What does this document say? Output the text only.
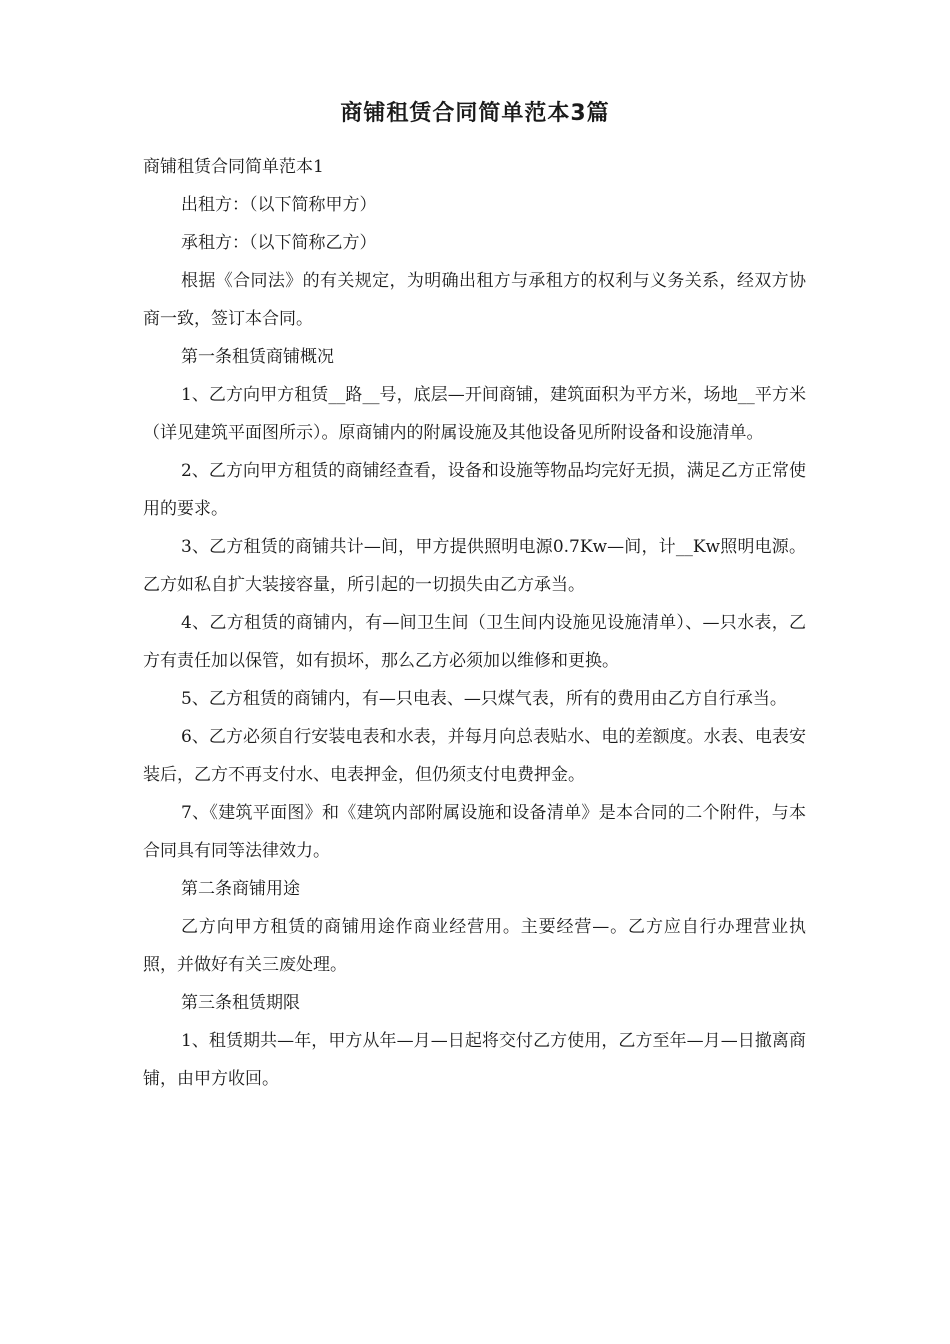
商铺租赁合同简单范本3篇

商铺租赁合同简单范本1

出租方：（以下简称甲方）

承租方：（以下简称乙方）

根据《合同法》的有关规定，为明确出租方与承租方的权利与义务关系，经双方协商一致，签订本合同。

第一条租赁商铺概况

1、乙方向甲方租赁__路__号，底层—开间商铺，建筑面积为平方米，场地__平方米（详见建筑平面图所示）。原商铺内的附属设施及其他设备见所附设备和设施清单。

2、乙方向甲方租赁的商铺经查看，设备和设施等物品均完好无损，满足乙方正常使用的要求。

3、乙方租赁的商铺共计—间，甲方提供照明电源0.7Kw—间，计__Kw照明电源。乙方如私自扩大装接容量，所引起的一切损失由乙方承当。

4、乙方租赁的商铺内，有—间卫生间（卫生间内设施见设施清单）、—只水表，乙方有责任加以保管，如有损坏，那么乙方必须加以维修和更换。

5、乙方租赁的商铺内，有—只电表、—只煤气表，所有的费用由乙方自行承当。

6、乙方必须自行安装电表和水表，并每月向总表贴水、电的差额度。水表、电表安装后，乙方不再支付水、电表押金，但仍须支付电费押金。

7、《建筑平面图》和《建筑内部附属设施和设备清单》是本合同的二个附件，与本合同具有同等法律效力。

第二条商铺用途

乙方向甲方租赁的商铺用途作商业经营用。主要经营—。乙方应自行办理营业执照，并做好有关三废处理。

第三条租赁期限

1、租赁期共—年，甲方从年—月—日起将交付乙方使用，乙方至年—月—日撤离商铺，由甲方收回。
